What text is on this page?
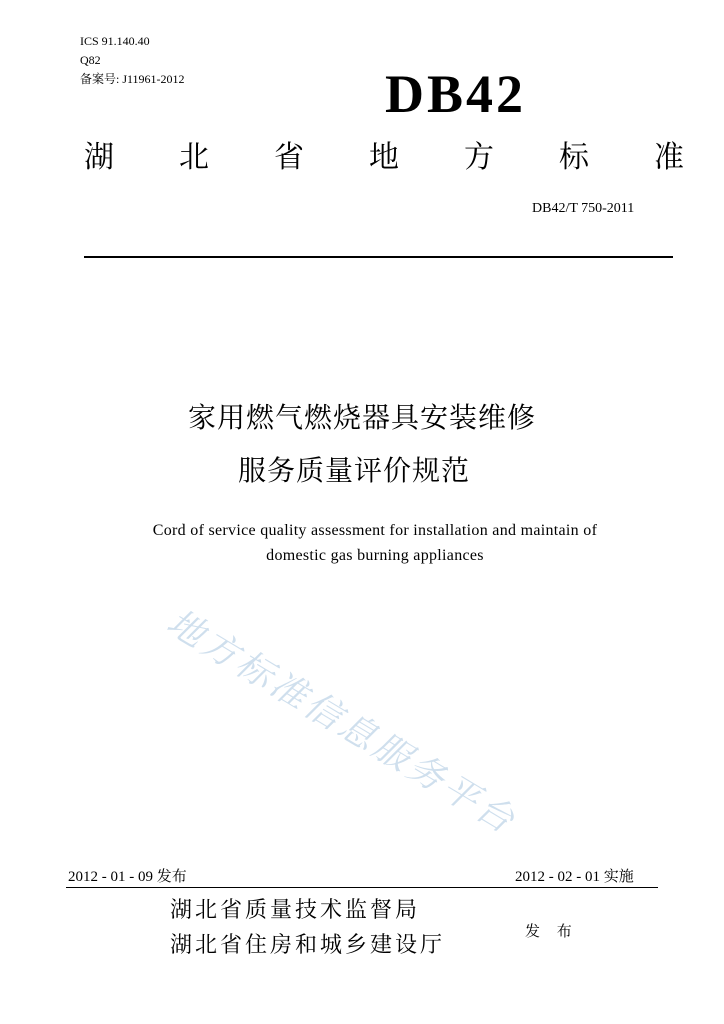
ICS 91.140.40
Q82
备案号: J11961-2012	DB42
湖 北 省 地 方 标 准
DB42/T 750-2011
家用燃气燃烧器具安装维修
服务质量评价规范
Cord of service quality assessment for installation and maintain of
domestic gas burning appliances
地方标准信息服务平台
2012 - 01 - 09 发布	2012 - 02 - 01 实施
湖北省质量技术监督局
湖北省住房和城乡建设厅
发 布
